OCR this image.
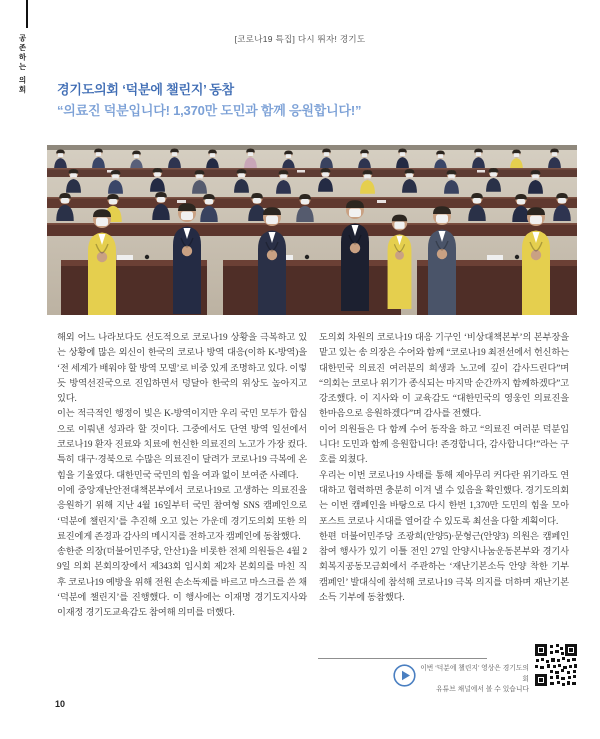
공존하는 의회	[코로나19 특집] 다시 뛰자! 경기도
경기도의회 ‘덕분에 챌린지’ 동참
“의료진 덕분입니다! 1,370만 도민과 함께 응원합니다!”

해외 어느 나라보다도 선도적으로 코로나19 상황을 극복하고 있는 상황에 많은 외신이 한국의 코로나 방역 대응(이하 K-방역)을 ‘전 세계가 배워야 할 방역 모델’로 비중 있게 조명하고 있다. 이렇듯 방역선진국으로 진입하면서 덩달아 한국의 위상도 높아지고 있다.

이는 적극적인 행정이 빚은 K-방역이지만 우리 국민 모두가 합심으로 이뤄낸 성과라 할 것이다. 그중에서도 단연 방역 일선에서 코로나19 환자 진료와 치료에 헌신한 의료진의 노고가 가장 컸다. 특히 대구·경북으로 수많은 의료진이 달려가 코로나19 극복에 온 힘을 기울였다. 대한민국 국민의 힘을 여과 없이 보여준 사례다.

이에 중앙재난안전대책본부에서 코로나19로 고생하는 의료진을 응원하기 위해 지난 4월 16일부터 국민 참여형 SNS 캠페인으로 ‘덕분에 챌린지’를 추진해 오고 있는 가운데 경기도의회 또한 의료진에게 존경과 감사의 메시지를 전하고자 캠페인에 동참했다.

송한준 의장(더불어민주당, 안산1)을 비롯한 전체 의원들은 4월 29일 의회 본회의장에서 제343회 임시회 제2차 본회의를 마친 직후 코로나19 예방을 위해 전원 손소독제를 바르고 마스크를 쓴 채 ‘덕분에 챌린지’를 진행했다. 이 행사에는 이재명 경기도지사와 이재정 경기도교육감도 참여해 의미를 더했다.

도의회 차원의 코로나19 대응 기구인 ‘비상대책본부’의 본부장을 맡고 있는 송 의장은 수어와 함께 “코로나19 최전선에서 헌신하는 대한민국 의료진 여러분의 희생과 노고에 깊이 감사드린다”며 “의회는 코로나 위기가 종식되는 마지막 순간까지 함께하겠다”고 강조했다. 이 지사와 이 교육감도 “대한민국의 영웅인 의료진을 한마음으로 응원하겠다”며 감사를 전했다.

이어 의원들은 다 함께 수어 동작을 하고 “의료진 여러분 덕분입니다! 도민과 함께 응원합니다! 존경합니다, 감사합니다!”라는 구호를 외쳤다.

우리는 이번 코로나19 사태를 통해 제아무리 커다란 위기라도 연대하고 협력하면 충분히 이겨 낼 수 있음을 확인했다. 경기도의회는 이번 캠페인을 바탕으로 다시 한번 1,370만 도민의 힘을 모아 포스트 코로나 시대를 열어갈 수 있도록 최선을 다할 계획이다.

한편 더불어민주당 조광희(안양5)·문형근(안양3) 의원은 캠페인 참여 행사가 있기 이틀 전인 27일 안양시나눔운동본부와 경기사회복지공동모금회에서 주관하는 ‘재난기본소득 안양 착한 기부캠페인’ 발대식에 참석해 코로나19 극복 의지를 더하며 재난기본소득 기부에 동참했다.

이번 ‘덕분에 챌린지’ 영상은 경기도의회
유튜브 채널에서 볼 수 있습니다
10
